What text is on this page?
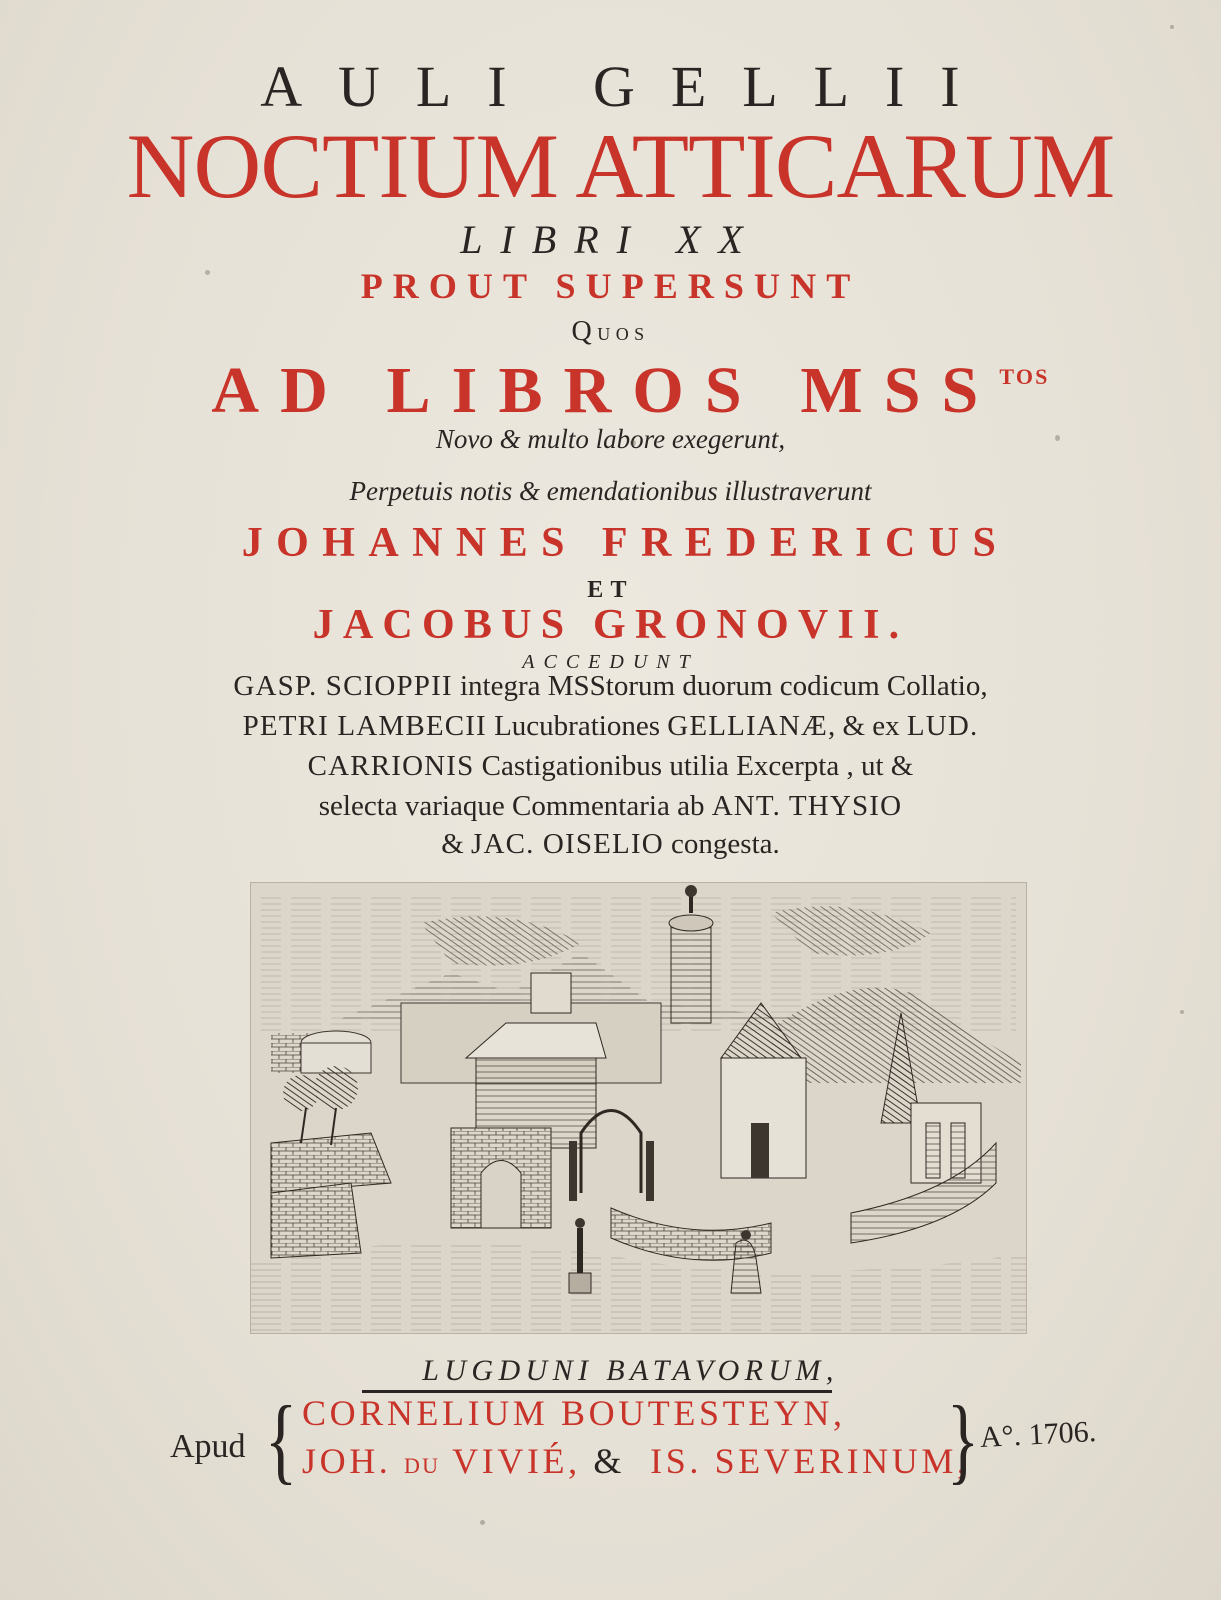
AULI GELLII
NOCTIUM ATTICARUM
LIBRI XX
PROUT SUPERSUNT
QUOS
AD LIBROS $MSS^{TOS}$
Novo & multo labore exegerunt,
Perpetuis notis & emendationibus illustraverunt
JOHANNES FREDERICUS
ET
JACOBUS GRONOVII.
ACCEDUNT
GASP. SCIOPPII integra MSStorum duorum codicum Collatio,
PETRI LAMBECII Lucubrationes GELLIANÆ, & ex LUD.
CARRIONIS Castigationibus utilia Excerpta , ut &
selecta variaque Commentaria ab ANT. THYSIO
& JAC. OISELIO congesta.
LUGDUNI BATAVORUM,
Apud { CORNELIUM BOUTESTEYN,
JOH. DU VIVIÉ, & IS. SEVERINUM,
} A°. 1706.
